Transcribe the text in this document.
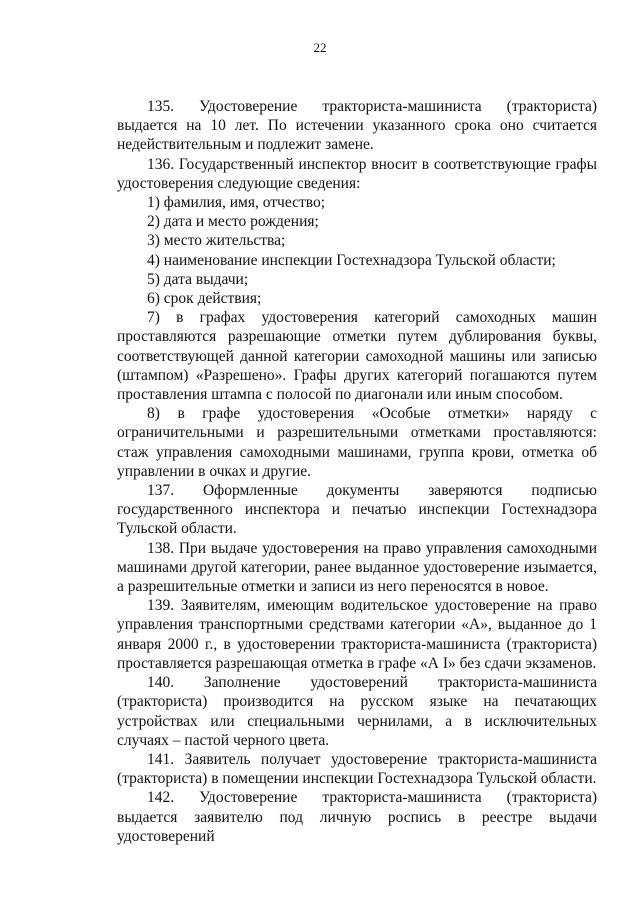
22

135. Удостоверение тракториста-машиниста (тракториста) выдается на 10 лет. По истечении указанного срока оно считается недействительным и подлежит замене.

136. Государственный инспектор вносит в соответствующие графы удостоверения следующие сведения:

1) фамилия, имя, отчество;

2) дата и место рождения;

3) место жительства;

4) наименование инспекции Гостехнадзора Тульской области;

5) дата выдачи;

6) срок действия;

7) в графах удостоверения категорий самоходных машин проставляются разрешающие отметки путем дублирования буквы, соответствующей данной категории самоходной машины или записью (штампом) «Разрешено». Графы других категорий погашаются путем проставления штампа с полосой по диагонали или иным способом.

8) в графе удостоверения «Особые отметки» наряду с ограничительными и разрешительными отметками проставляются: стаж управления самоходными машинами, группа крови, отметка об управлении в очках и другие.

137. Оформленные документы заверяются подписью государственного инспектора и печатью инспекции Гостехнадзора Тульской области.

138. При выдаче удостоверения на право управления самоходными машинами другой категории, ранее выданное удостоверение изымается, а разрешительные отметки и записи из него переносятся в новое.

139. Заявителям, имеющим водительское удостоверение на право управления транспортными средствами категории «А», выданное до 1 января 2000 г., в удостоверении тракториста-машиниста (тракториста) проставляется разрешающая отметка в графе «А I» без сдачи экзаменов.

140. Заполнение удостоверений тракториста-машиниста (тракториста) производится на русском языке на печатающих устройствах или специальными чернилами, а в исключительных случаях – пастой черного цвета.

141. Заявитель получает удостоверение тракториста-машиниста (тракториста) в помещении инспекции Гостехнадзора Тульской области.

142. Удостоверение тракториста-машиниста (тракториста) выдается заявителю под личную роспись в реестре выдачи удостоверений
